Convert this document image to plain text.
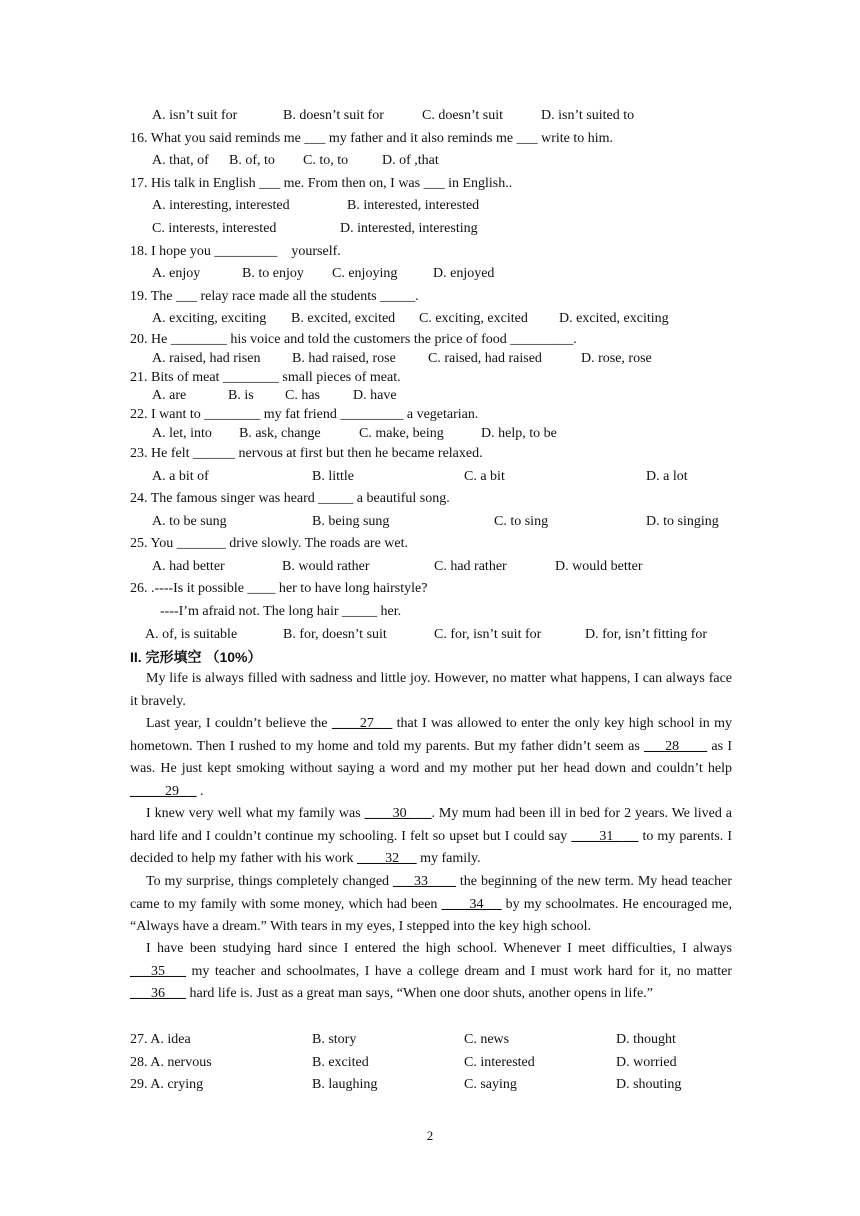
A. isn’t suit for	B. doesn’t suit for	C. doesn’t suit	D. isn’t suited to
16. What you said reminds me ___ my father and it also reminds me ___ write to him.
A. that, of B. of, to C. to, to D. of ,that
17. His talk in English ___ me. From then on, I was ___ in English..
A. interesting, interested	B. interested, interested
C. interests, interested	D. interested, interesting
18. I hope you _________    yourself.
A. enjoy	B. to enjoy C. enjoying	D. enjoyed
19. The ___ relay race made all the students _____.
A. exciting, exciting B. excited, excited C. exciting, excited D. excited, exciting
20. He ________ his voice and told the customers the price of food _________.
A. raised, had risen B. had raised, rose C. raised, had raised	D. rose, rose
21. Bits of meat ________ small pieces of meat.
A. are	B. is C. has D. have
22. I want to ________ my fat friend _________ a vegetarian.
A. let, into B. ask, change	C. make, being	D. help, to be
23. He felt ______ nervous at first but then he became relaxed.
A. a bit of	B. little	C. a bit	D. a lot
24. The famous singer was heard _____ a beautiful song.
A. to be sung	B. being sung	C. to sing	D. to singing
25. You _______ drive slowly. The roads are wet.
A. had better	B. would rather	C. had rather	D. would better
26. .----Is it possible ____ her to have long hairstyle?
----I’m afraid not. The long hair _____ her.
A. of, is suitable	B. for, doesn’t suit	C. for, isn’t suit for	D. for, isn’t fitting for
II. 完形填空 （10%）
My life is always filled with sadness and little joy. However, no matter what happens, I can always face it bravely.
Last year, I couldn’t believe the ____27_ _ that I was allowed to enter the only key high school in my hometown. Then I rushed to my home and told my parents. But my father didn’t seem as ___28____ as I was. He just kept smoking without saying a word and my mother put her head down and couldn’t help _____29_ _ .
I knew very well what my family was ____30_ __. My mum had been ill in bed for 2 years. We lived a hard life and I couldn’t continue my schooling. I felt so upset but I could say ____31_ __ to my parents. I decided to help my father with his work ____32_ _ my family.
To my surprise, things completely changed ___33____ the beginning of the new term. My head teacher came to my family with some money, which had been ____34_ _ by my schoolmates. He encouraged me, “Always have a dream.” With tears in my eyes, I stepped into the key high school.
I have been studying hard since I entered the high school. Whenever I meet difficulties, I always ___35___ my teacher and schoolmates, I have a college dream and I must work hard for it, no matter ___36___ hard life is. Just as a great man says, “When one door shuts, another opens in life.”
27. A. idea	B. story	C. news	D. thought
28. A. nervous	B. excited	C. interested	D. worried
29. A. crying	B. laughing	C. saying	D. shouting
2
